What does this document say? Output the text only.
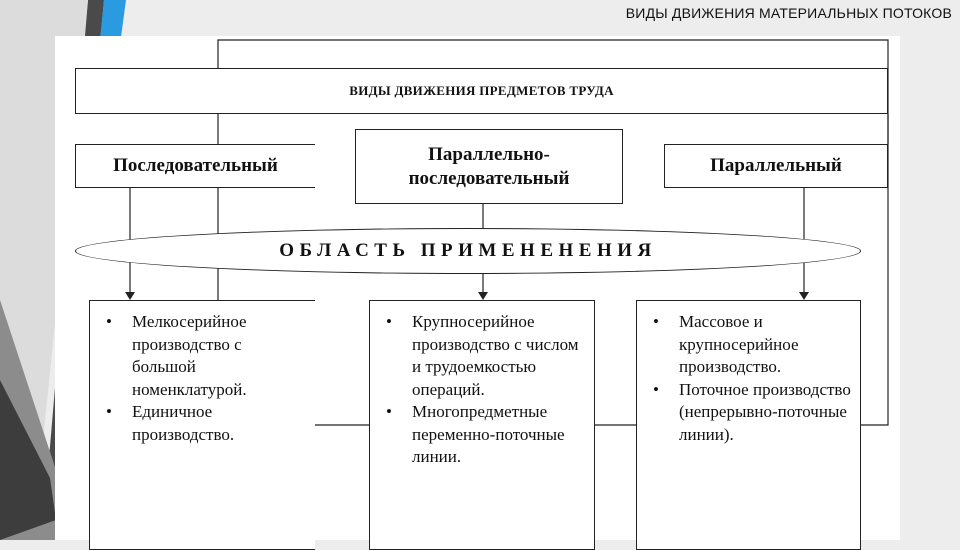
ВИДЫ ДВИЖЕНИЯ МАТЕРИАЛЬНЫХ ПОТОКОВ
ВИДЫ ДВИЖЕНИЯ ПРЕДМЕТОВ ТРУДА
Последовательный
Параллельно-
последовательный
Параллельный
ОБЛАСТЬ ПРИМЕНЕНЕНИЯ
• Мелкосерийное производство с большой номенклатурой.
• Единичное производство.
• Крупносерийное производство с числом и трудоемкостью операций.
• Многопредметные переменно-поточные линии.
• Массовое и крупносерийное производство.
• Поточное производство (непрерывно-поточные линии).
